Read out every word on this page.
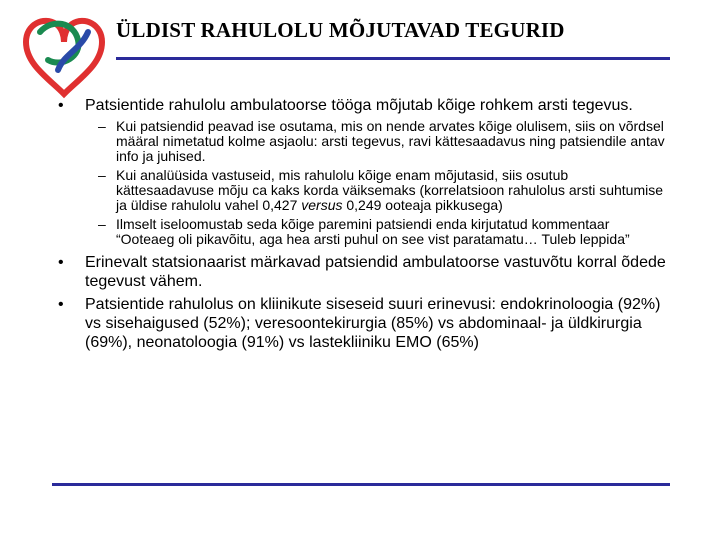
ÜLDIST RAHULOLU MÕJUTAVAD TEGURID
• Patsientide rahulolu ambulatoorse tööga mõjutab kõige rohkem arsti tegevus.
– Kui patsiendid peavad ise osutama, mis on nende arvates kõige olulisem, siis on võrdsel määral nimetatud kolme asjaolu: arsti tegevus, ravi kättesaadavus ning patsiendile antav info ja juhised.
– Kui analüüsida vastuseid, mis rahulolu kõige enam mõjutasid, siis osutub kättesaadavuse mõju ca kaks korda väiksemaks (korrelatsioon rahulolus arsti suhtumise ja üldise rahulolu vahel 0,427 versus 0,249 ooteaja pikkusega)
– Ilmselt iseloomustab seda kõige paremini patsiendi enda kirjutatud kommentaar “Ooteaeg oli pikavõitu, aga hea arsti puhul on see vist paratamatu… Tuleb leppida”
• Erinevalt statsionaarist märkavad patsiendid ambulatoorse vastuvõtu korral õdede tegevust vähem.
• Patsientide rahulolus on kliinikute siseseid suuri erinevusi: endokrinoloogia (92%) vs sisehaigused (52%); veresoontekirurgia (85%) vs abdominaal- ja üldkirurgia (69%), neonatoloogia (91%) vs lastekliiniku EMO (65%)
